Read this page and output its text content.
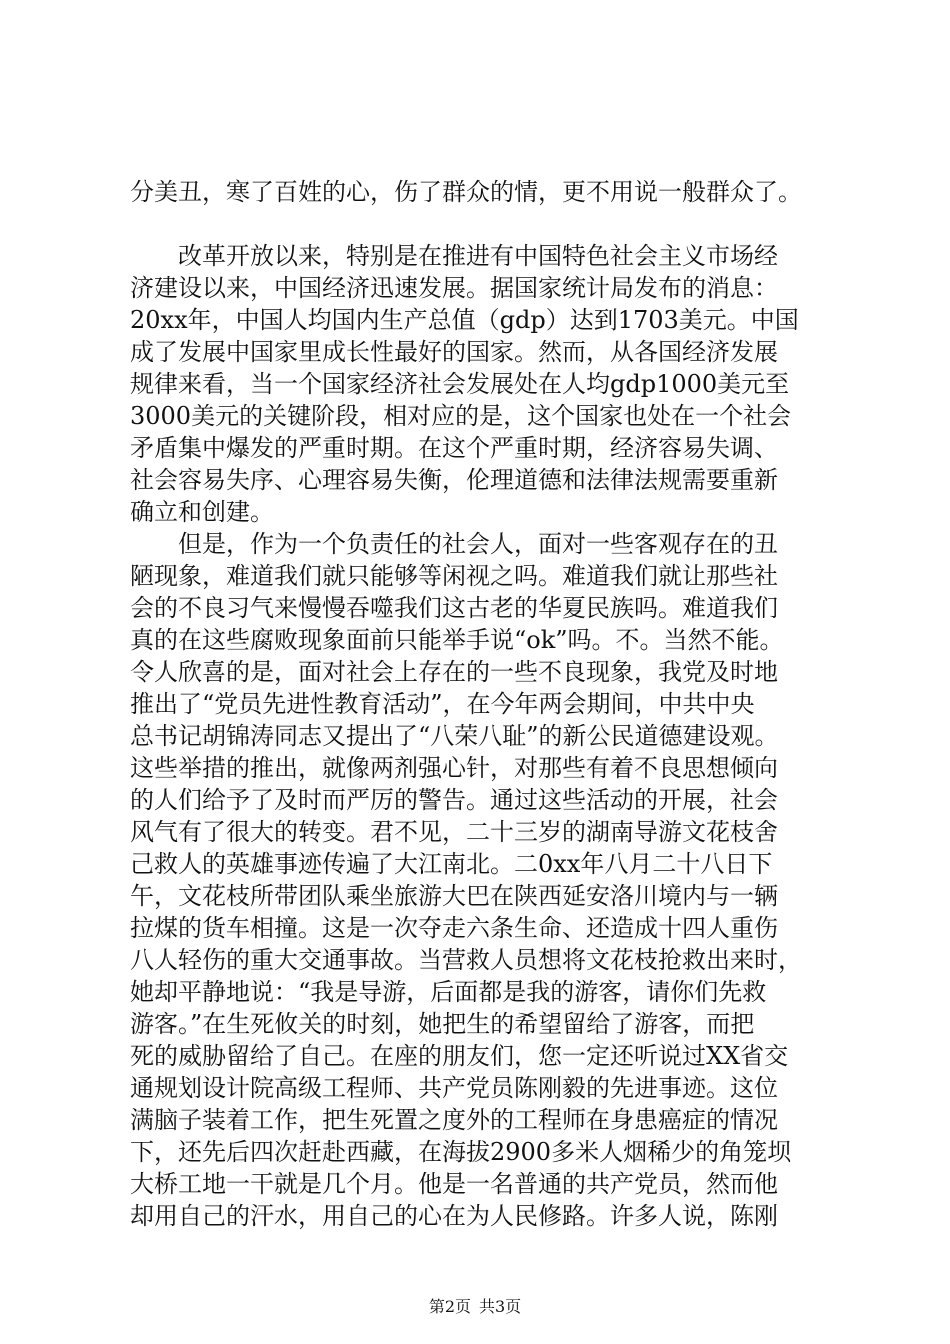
分美丑，寒了百姓的心，伤了群众的情，更不用说一般群众了。
　　改革开放以来，特别是在推进有中国特色社会主义市场经
济建设以来，中国经济迅速发展。据国家统计局发布的消息：
20xx年，中国人均国内生产总值（gdp）达到1703美元。中国
成了发展中国家里成长性最好的国家。然而，从各国经济发展
规律来看，当一个国家经济社会发展处在人均gdp1000美元至
3000美元的关键阶段，相对应的是，这个国家也处在一个社会
矛盾集中爆发的严重时期。在这个严重时期，经济容易失调、
社会容易失序、心理容易失衡，伦理道德和法律法规需要重新
确立和创建。
　　但是，作为一个负责任的社会人，面对一些客观存在的丑
陋现象，难道我们就只能够等闲视之吗。难道我们就让那些社
会的不良习气来慢慢吞噬我们这古老的华夏民族吗。难道我们
真的在这些腐败现象面前只能举手说“ok”吗。不。当然不能。
令人欣喜的是，面对社会上存在的一些不良现象，我党及时地
推出了“党员先进性教育活动”，在今年两会期间，中共中央
总书记胡锦涛同志又提出了“八荣八耻”的新公民道德建设观。
这些举措的推出，就像两剂强心针，对那些有着不良思想倾向
的人们给予了及时而严厉的警告。通过这些活动的开展，社会
风气有了很大的转变。君不见，二十三岁的湖南导游文花枝舍
己救人的英雄事迹传遍了大江南北。二0xx年八月二十八日下
午，文花枝所带团队乘坐旅游大巴在陕西延安洛川境内与一辆
拉煤的货车相撞。这是一次夺走六条生命、还造成十四人重伤
八人轻伤的重大交通事故。当营救人员想将文花枝抢救出来时，
她却平静地说：“我是导游，后面都是我的游客，请你们先救
游客。”在生死攸关的时刻，她把生的希望留给了游客，而把
死的威胁留给了自己。在座的朋友们，您一定还听说过XX省交
通规划设计院高级工程师、共产党员陈刚毅的先进事迹。这位
满脑子装着工作，把生死置之度外的工程师在身患癌症的情况
下，还先后四次赶赴西藏，在海拔2900多米人烟稀少的角笼坝
大桥工地一干就是几个月。他是一名普通的共产党员，然而他
却用自己的汗水，用自己的心在为人民修路。许多人说，陈刚
第2页 共3页
